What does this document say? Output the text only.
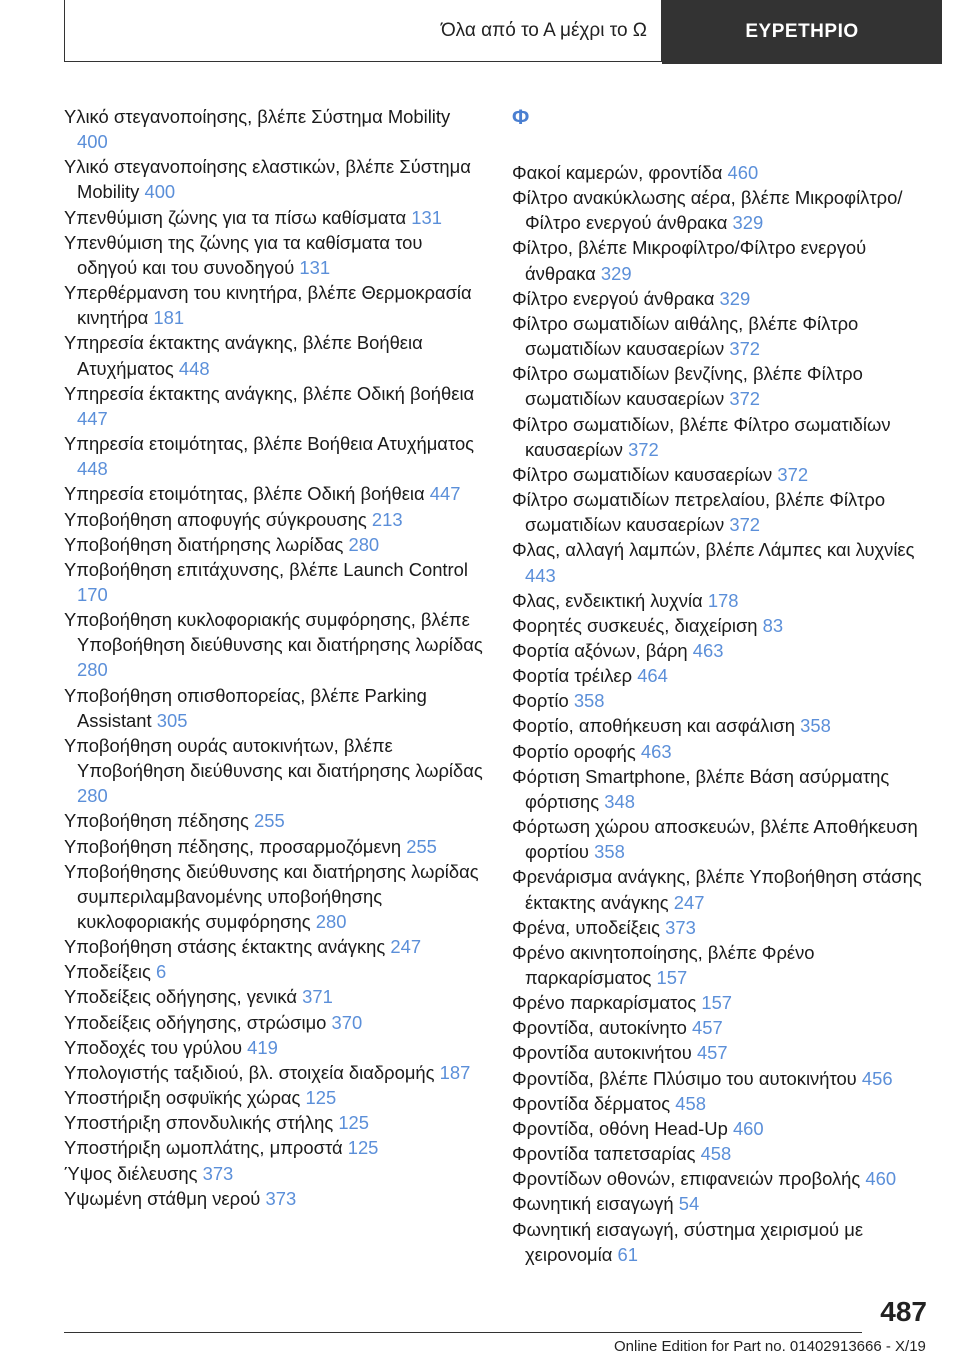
Όλα από το Α μέχρι το Ω	ΕΥΡΕΤΗΡΙΟ
Υλικό στεγανοποίησης, βλέπε Σύστημα Mobility 400
Υλικό στεγανοποίησης ελαστικών, βλέπε Σύστημα Mobility 400
Υπενθύμιση ζώνης για τα πίσω καθίσματα 131
Υπενθύμιση της ζώνης για τα καθίσματα του οδηγού και του συνοδηγού 131
Υπερθέρμανση του κινητήρα, βλέπε Θερμοκρασία κινητήρα 181
Υπηρεσία έκτακτης ανάγκης, βλέπε Βοήθεια Ατυχήματος 448
Υπηρεσία έκτακτης ανάγκης, βλέπε Οδική βοήθεια 447
Υπηρεσία ετοιμότητας, βλέπε Βοήθεια Ατυχήματος 448
Υπηρεσία ετοιμότητας, βλέπε Οδική βοήθεια 447
Υποβοήθηση αποφυγής σύγκρουσης 213
Υποβοήθηση διατήρησης λωρίδας 280
Υποβοήθηση επιτάχυνσης, βλέπε Launch Control 170
Υποβοήθηση κυκλοφοριακής συμφόρησης, βλέπε Υποβοήθηση διεύθυνσης και διατήρησης λωρίδας 280
Υποβοήθηση οπισθοπορείας, βλέπε Parking Assistant 305
Υποβοήθηση ουράς αυτοκινήτων, βλέπε Υποβοήθηση διεύθυνσης και διατήρησης λωρίδας 280
Υποβοήθηση πέδησης 255
Υποβοήθηση πέδησης, προσαρμοζόμενη 255
Υποβοήθησης διεύθυνσης και διατήρησης λωρίδας συμπεριλαμβανομένης υποβοήθησης κυκλοφοριακής συμφόρησης 280
Υποβοήθηση στάσης έκτακτης ανάγκης 247
Υποδείξεις 6
Υποδείξεις οδήγησης, γενικά 371
Υποδείξεις οδήγησης, στρώσιμο 370
Υποδοχές του γρύλου 419
Υπολογιστής ταξιδιού, βλ. στοιχεία διαδρομής 187
Υποστήριξη οσφυϊκής χώρας 125
Υποστήριξη σπονδυλικής στήλης 125
Υποστήριξη ωμοπλάτης, μπροστά 125
Ύψος διέλευσης 373
Υψωμένη στάθμη νερού 373
Φ
Φακοί καμερών, φροντίδα 460
Φίλτρο ανακύκλωσης αέρα, βλέπε Μικροφίλτρο/Φίλτρο ενεργού άνθρακα 329
Φίλτρο, βλέπε Μικροφίλτρο/Φίλτρο ενεργού άνθρακα 329
Φίλτρο ενεργού άνθρακα 329
Φίλτρο σωματιδίων αιθάλης, βλέπε Φίλτρο σωματιδίων καυσαερίων 372
Φίλτρο σωματιδίων βενζίνης, βλέπε Φίλτρο σωματιδίων καυσαερίων 372
Φίλτρο σωματιδίων, βλέπε Φίλτρο σωματιδίων καυσαερίων 372
Φίλτρο σωματιδίων καυσαερίων 372
Φίλτρο σωματιδίων πετρελαίου, βλέπε Φίλτρο σωματιδίων καυσαερίων 372
Φλας, αλλαγή λαμπών, βλέπε Λάμπες και λυχνίες 443
Φλας, ενδεικτική λυχνία 178
Φορητές συσκευές, διαχείριση 83
Φορτία αξόνων, βάρη 463
Φορτία τρέιλερ 464
Φορτίο 358
Φορτίο, αποθήκευση και ασφάλιση 358
Φορτίο οροφής 463
Φόρτιση Smartphone, βλέπε Βάση ασύρματης φόρτισης 348
Φόρτωση χώρου αποσκευών, βλέπε Αποθήκευση φορτίου 358
Φρενάρισμα ανάγκης, βλέπε Υποβοήθηση στάσης έκτακτης ανάγκης 247
Φρένα, υποδείξεις 373
Φρένο ακινητοποίησης, βλέπε Φρένο παρκαρίσματος 157
Φρένο παρκαρίσματος 157
Φροντίδα, αυτοκίνητο 457
Φροντίδα αυτοκινήτου 457
Φροντίδα, βλέπε Πλύσιμο του αυτοκινήτου 456
Φροντίδα δέρματος 458
Φροντίδα, οθόνη Head-Up 460
Φροντίδα ταπετσαρίας 458
Φροντίδων οθονών, επιφανειών προβολής 460
Φωνητική εισαγωγή 54
Φωνητική εισαγωγή, σύστημα χειρισμού με χειρονομία 61
487
Online Edition for Part no. 01402913666 - X/19
